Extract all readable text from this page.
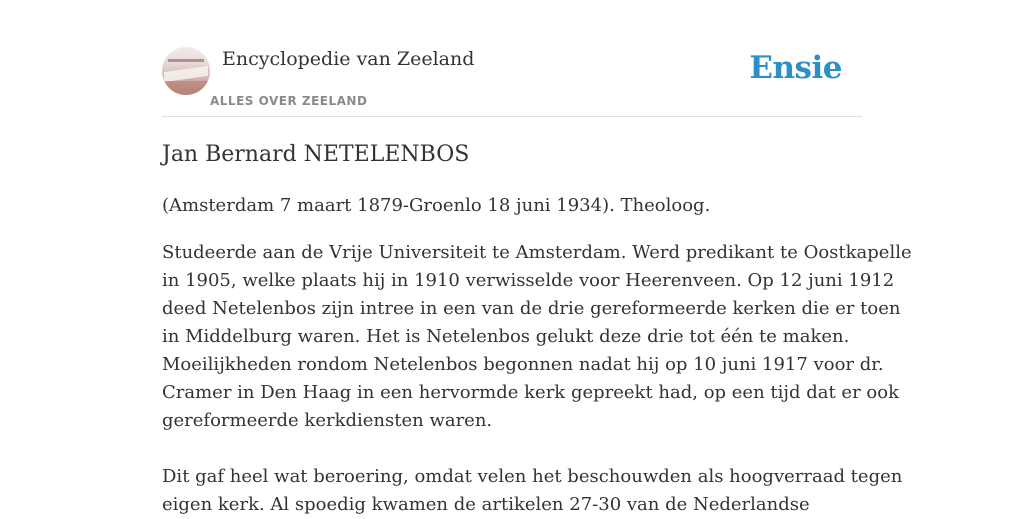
Encyclopedie van Zeeland
ALLES OVER ZEELAND
Ensie
Jan Bernard NETELENBOS

(Amsterdam 7 maart 1879-Groenlo 18 juni 1934). Theoloog.

Studeerde aan de Vrije Universiteit te Amsterdam. Werd predikant te Oostkapelle
in 1905, welke plaats hij in 1910 verwisselde voor Heerenveen. Op 12 juni 1912
deed Netelenbos zijn intree in een van de drie gereformeerde kerken die er toen
in Middelburg waren. Het is Netelenbos gelukt deze drie tot één te maken.
Moeilijkheden rondom Netelenbos begonnen nadat hij op 10 juni 1917 voor dr.
Cramer in Den Haag in een hervormde kerk gepreekt had, op een tijd dat er ook
gereformeerde kerkdiensten waren.

Dit gaf heel wat beroering, omdat velen het beschouwden als hoogverraad tegen
eigen kerk. Al spoedig kwamen de artikelen 27-30 van de Nederlandse
